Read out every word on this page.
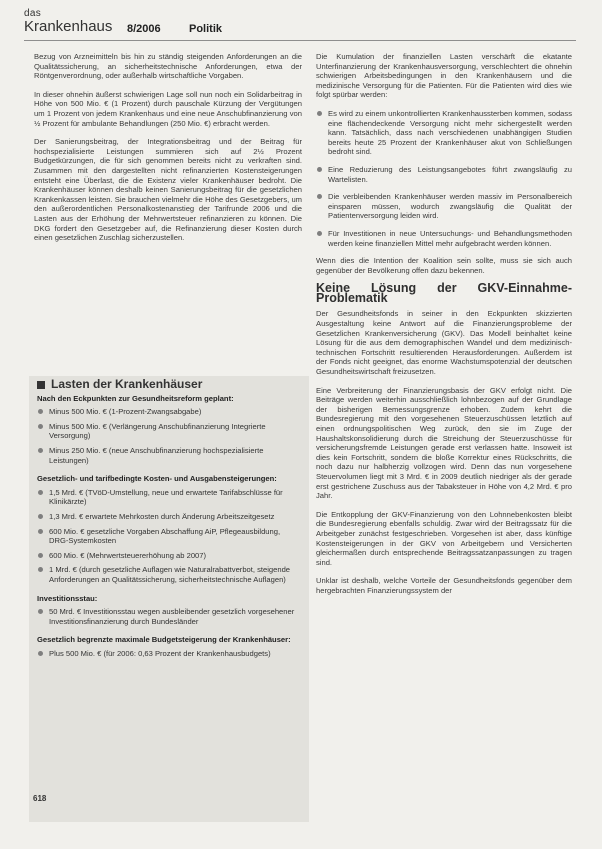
das
Krankenhaus 8/2006	Politik

Bezug von Arzneimitteln bis hin zu ständig steigenden Anforderungen an die Qualitätssicherung, an sicherheitstechnische Anforderungen, etwa der Röntgenverordnung, oder außerhalb wirtschaftliche Vorgaben.

In dieser ohnehin äußerst schwierigen Lage soll nun noch ein Solidarbeitrag in Höhe von 500 Mio. € (1 Prozent) durch pauschale Kürzung der Vergütungen um 1 Prozent von jedem Krankenhaus und eine neue Anschubfinanzierung von ½ Prozent für ambulante Behandlungen (250 Mio. €) erbracht werden.

Der Sanierungsbeitrag, der Integrationsbeitrag und der Beitrag für hochspezialisierte Leistungen summieren sich auf 2½ Prozent Budgetkürzungen, die für sich genommen bereits nicht zu verkraften sind. Zusammen mit den dargestellten nicht refinanzierten Kostensteigerungen entsteht eine Überlast, die die Existenz vieler Krankenhäuser bedroht. Die Krankenhäuser können deshalb keinen Sanierungsbeitrag für die gesetzlichen Krankenkassen leisten. Sie brauchen vielmehr die Höhe des Gesetzgebers, um den außerordentlichen Personalkostenanstieg der Tarifrunde 2006 und die Lasten aus der Erhöhung der Mehrwertsteuer refinanzieren zu können. Die DKG fordert den Gesetzgeber auf, die Refinanzierung dieser Kosten durch einen gesetzlichen Zuschlag sicherzustellen.

Lasten der Krankenhäuser
Nach den Eckpunkten zur Gesundheitsreform geplant:
Minus 500 Mio. € (1-Prozent-Zwangsabgabe)
Minus 500 Mio. € (Verlängerung Anschubfinanzierung Integrierte Versorgung)
Minus 250 Mio. € (neue Anschubfinanzierung hochspezialisierte Leistungen)
Gesetzlich- und tarifbedingte Kosten- und Ausgabensteigerungen:
1,5 Mrd. € (TVöD-Umstellung, neue und erwartete Tarifabschlüsse für Klinikärzte)
1,3 Mrd. € erwartete Mehrkosten durch Änderung Arbeitszeitgesetz
600 Mio. € gesetzliche Vorgaben Abschaffung AiP, Pflegeausbildung, DRG-Systemkosten
600 Mio. € (Mehrwertsteuererhöhung ab 2007)
1 Mrd. € (durch gesetzliche Auflagen wie Naturalrabattverbot, steigende Anforderungen an Qualitätssicherung, sicherheitstechnische Auflagen)
Investitionsstau:
50 Mrd. € Investitionsstau wegen ausbleibender gesetzlich vorgesehener Investitionsfinanzierung durch Bundesländer
Gesetzlich begrenzte maximale Budgetsteigerung der Krankenhäuser:
Plus 500 Mio. € (für 2006: 0,63 Prozent der Krankenhausbudgets)

Die Kumulation der finanziellen Lasten verschärft die ekatante Unterfinanzierung der Krankenhausversorgung, verschlechtert die ohnehin schwierigen Arbeitsbedingungen in den Krankenhäusern und die medizinische Versorgung für die Patienten. Für die Patienten wird dies wie folgt spürbar werden:

Es wird zu einem unkontrollierten Krankenhaussterben kommen, sodass eine flächendeckende Versorgung nicht mehr sichergestellt werden kann. Tatsächlich, dass nach verschiedenen unabhängigen Studien bereits heute 25 Prozent der Krankenhäuser akut von Schließungen bedroht sind.
Eine Reduzierung des Leistungsangebotes führt zwangsläufig zu Wartelisten.
Die verbleibenden Krankenhäuser werden massiv im Personalbereich einsparen müssen, wodurch zwangsläufig die Qualität der Patientenversorgung leiden wird.
Für Investitionen in neue Untersuchungs- und Behandlungsmethoden werden keine finanziellen Mittel mehr aufgebracht werden können.

Wenn dies die Intention der Koalition sein sollte, muss sie sich auch gegenüber der Bevölkerung offen dazu bekennen.

Keine Lösung der GKV-Einnahme-Problematik

Der Gesundheitsfonds in seiner in den Eckpunkten skizzierten Ausgestaltung keine Antwort auf die Finanzierungsprobleme der Gesetzlichen Krankenversicherung (GKV). Das Modell beinhaltet keine Lösung für die aus dem demographischen Wandel und dem medizinisch-technischen Fortschritt resultierenden Herausforderungen. Außerdem ist der Fonds nicht geeignet, das enorme Wachstumspotenzial der deutschen Gesundheitswirtschaft freizusetzen.

Eine Verbreiterung der Finanzierungsbasis der GKV erfolgt nicht. Die Beiträge werden weiterhin ausschließlich lohnbezogen auf der Grundlage der bisherigen Bemessungsgrenze erhoben. Zudem kehrt die Bundesregierung mit den vorgesehenen Steuerzuschüssen letztlich auf einen ordnungspolitischen Weg zurück, den sie im Zuge der Haushaltskonsolidierung durch die Streichung der Steuerzuschüsse für versicherungsfremde Leistungen gerade erst verlassen hatte. Insoweit ist dies kein Fortschritt, sondern die bloße Korrektur eines Rückschritts, die noch dazu nur halbherzig vollzogen wird. Denn das nun vorgesehene Steuervolumen liegt mit 3 Mrd. € in 2009 deutlich niedriger als der gerade erst gestrichene Zuschuss aus der Tabaksteuer in Höhe von 4,2 Mrd. € pro Jahr.

Die Entkopplung der GKV-Finanzierung von den Lohnnebenkosten bleibt die Bundesregierung ebenfalls schuldig. Zwar wird der Beitragssatz für die Arbeitgeber zunächst festgeschrieben. Vorgesehen ist aber, dass künftige Kostensteigerungen in der GKV von Arbeitgebern und Versicherten gleichermaßen durch entsprechende Beitragssatzanpassungen zu tragen sind.

Unklar ist deshalb, welche Vorteile der Gesundheitsfonds gegenüber dem hergebrachten Finanzierungssystem der

618
